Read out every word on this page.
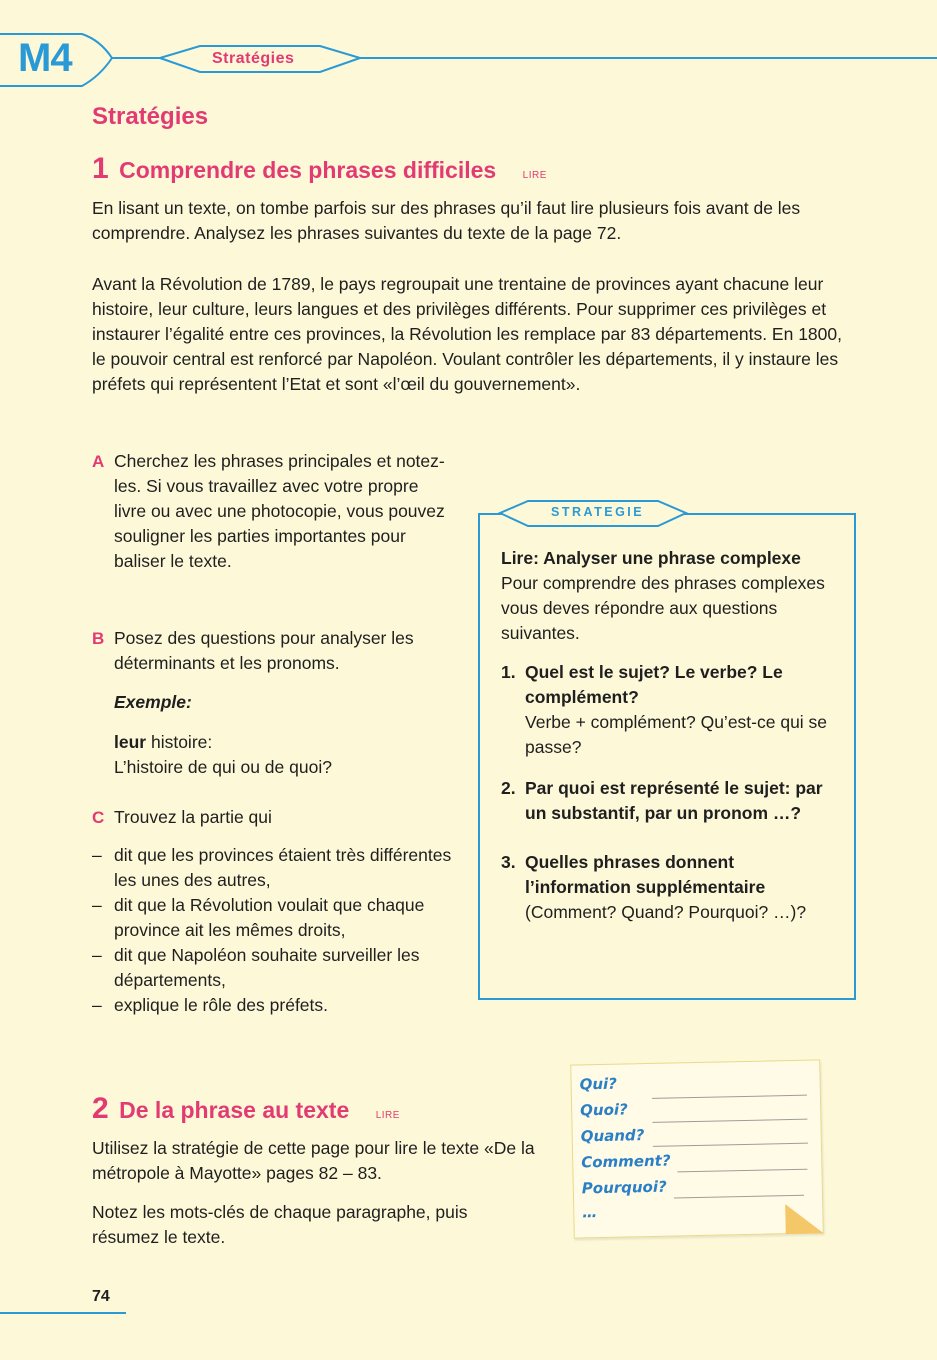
M4	Stratégies
Stratégies
1 Comprendre des phrases difficiles	LIRE

En lisant un texte, on tombe parfois sur des phrases qu’il faut lire plusieurs fois avant de les comprendre. Analysez les phrases suivantes du texte de la page 72.

Avant la Révolution de 1789, le pays regroupait une trentaine de provinces ayant chacune leur histoire, leur culture, leurs langues et des privilèges différents. Pour supprimer ces privilèges et instaurer l’égalité entre ces provinces, la Révolution les remplace par 83 départements. En 1800, le pouvoir central est renforcé par Napoléon. Voulant contrôler les départements, il y instaure les préfets qui représentent l’Etat et sont «l’œil du gouvernement».

A Cherchez les phrases principales et notez-les. Si vous travaillez avec votre propre livre ou avec une photocopie, vous pouvez souligner les parties importantes pour baliser le texte.

B Posez des questions pour analyser les déterminants et les pronoms.

Exemple:
leur histoire:
L’histoire de qui ou de quoi?
C Trouvez la partie qui

– dit que les provinces étaient très différentes les unes des autres,
– dit que la Révolution voulait que chaque province ait les mêmes droits,
– dit que Napoléon souhaite surveiller les départements,
– explique le rôle des préfets.
STRATEGIE
Lire: Analyser une phrase complexe
Pour comprendre des phrases complexes vous deves répondre aux questions suivantes.
1. Quel est le sujet? Le verbe? Le complément?
Verbe + complément? Qu’est-ce qui se passe?
2. Par quoi est représenté le sujet: par un substantif, par un pronom …?
3. Quelles phrases donnent l’information supplémentaire
(Comment? Quand? Pourquoi? …)?
2 De la phrase au texte	LIRE

Utilisez la stratégie de cette page pour lire le texte «De la métropole à Mayotte» pages 82 – 83.

Notez les mots-clés de chaque paragraphe, puis résumez le texte.

Qui?
Quoi?
Quand?
Comment?
Pourquoi?
…
74
